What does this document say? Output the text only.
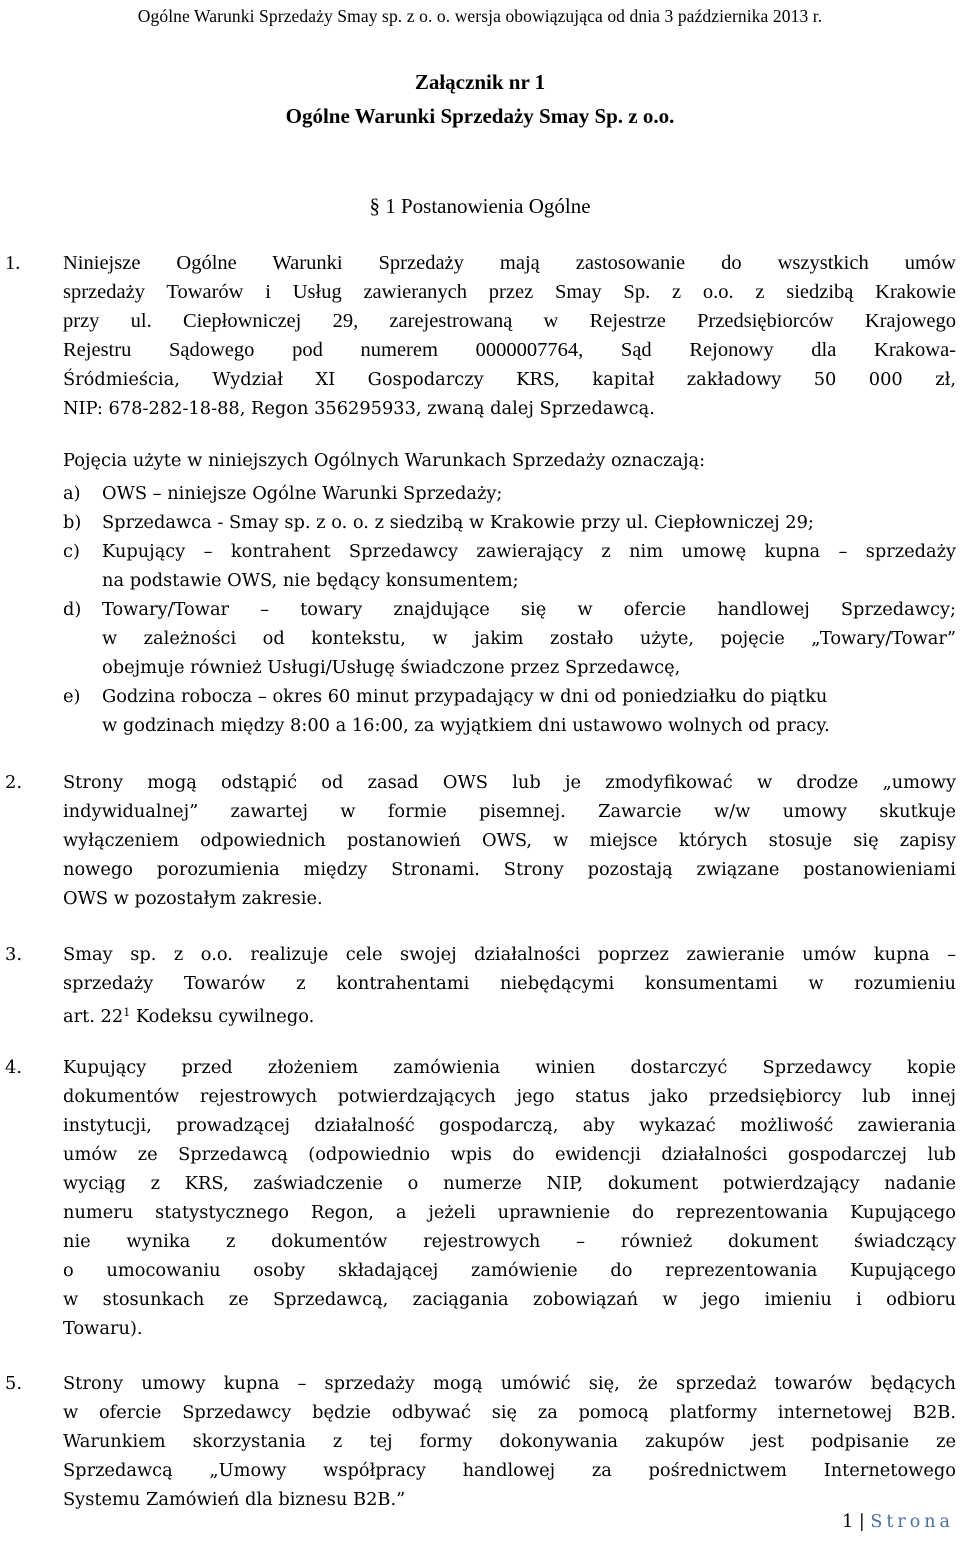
Ogólne Warunki Sprzedaży Smay sp. z o. o. wersja obowiązująca od dnia 3 października 2013 r.
Załącznik nr 1
Ogólne Warunki Sprzedaży Smay Sp. z o.o.
§ 1 Postanowienia Ogólne
1. Niniejsze Ogólne Warunki Sprzedaży mają zastosowanie do wszystkich umów
sprzedaży Towarów i Usług zawieranych przez Smay Sp. z o.o. z siedzibą Krakowie
przy ul. Ciepłowniczej 29, zarejestrowaną w Rejestrze Przedsiębiorców Krajowego
Rejestru Sądowego pod numerem 0000007764, Sąd Rejonowy dla Krakowa-
Śródmieścia, Wydział XI Gospodarczy KRS, kapitał zakładowy 50 000 zł,
NIP: 678-282-18-88, Regon 356295933, zwaną dalej Sprzedawcą.
Pojęcia użyte w niniejszych Ogólnych Warunkach Sprzedaży oznaczają:
a) OWS – niniejsze Ogólne Warunki Sprzedaży;
b) Sprzedawca - Smay sp. z o. o. z siedzibą w Krakowie przy ul. Ciepłowniczej 29;
c) Kupujący – kontrahent Sprzedawcy zawierający z nim umowę kupna – sprzedaży
na podstawie OWS, nie będący konsumentem;
d) Towary/Towar – towary znajdujące się w ofercie handlowej Sprzedawcy;
w zależności od kontekstu, w jakim zostało użyte, pojęcie „Towary/Towar”
obejmuje również Usługi/Usługę świadczone przez Sprzedawcę,
e) Godzina robocza – okres 60 minut przypadający w dni od poniedziałku do piątku
w godzinach między 8:00 a 16:00, za wyjątkiem dni ustawowo wolnych od pracy.
2. Strony mogą odstąpić od zasad OWS lub je zmodyfikować w drodze „umowy
indywidualnej” zawartej w formie pisemnej. Zawarcie w/w umowy skutkuje
wyłączeniem odpowiednich postanowień OWS, w miejsce których stosuje się zapisy
nowego porozumienia między Stronami. Strony pozostają związane postanowieniami
OWS w pozostałym zakresie.
3. Smay sp. z o.o. realizuje cele swojej działalności poprzez zawieranie umów kupna –
sprzedaży Towarów z kontrahentami niebędącymi konsumentami w rozumieniu
art. $22^1$ Kodeksu cywilnego.
4. Kupujący przed złożeniem zamówienia winien dostarczyć Sprzedawcy kopie
dokumentów rejestrowych potwierdzających jego status jako przedsiębiorcy lub innej
instytucji, prowadzącej działalność gospodarczą, aby wykazać możliwość zawierania
umów ze Sprzedawcą (odpowiednio wpis do ewidencji działalności gospodarczej lub
wyciąg z KRS, zaświadczenie o numerze NIP, dokument potwierdzający nadanie
numeru statystycznego Regon, a jeżeli uprawnienie do reprezentowania Kupującego
nie wynika z dokumentów rejestrowych – również dokument świadczący
o umocowaniu osoby składającej zamówienie do reprezentowania Kupującego
w stosunkach ze Sprzedawcą, zaciągania zobowiązań w jego imieniu i odbioru
Towaru).
5. Strony umowy kupna – sprzedaży mogą umówić się, że sprzedaż towarów będących
w ofercie Sprzedawcy będzie odbywać się za pomocą platformy internetowej B2B.
Warunkiem skorzystania z tej formy dokonywania zakupów jest podpisanie ze
Sprzedawcą „Umowy współpracy handlowej za pośrednictwem Internetowego
Systemu Zamówień dla biznesu B2B.”
1 | Strona
